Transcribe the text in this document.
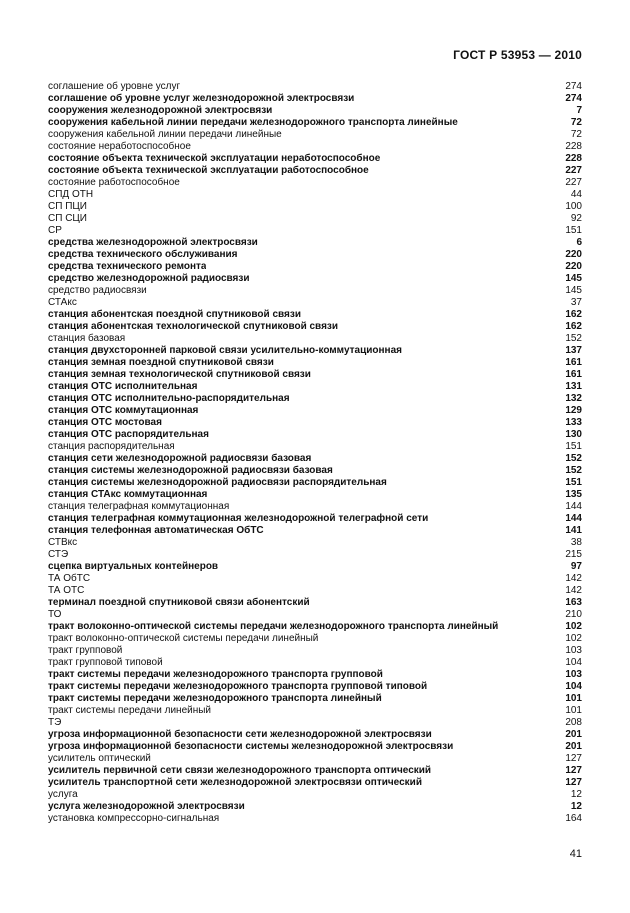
ГОСТ Р 53953 — 2010
соглашение об уровне услуг	274
соглашение об уровне услуг железнодорожной электросвязи	274
сооружения железнодорожной электросвязи	7
сооружения кабельной линии передачи железнодорожного транспорта линейные	72
сооружения кабельной линии передачи линейные	72
состояние неработоспособное	228
состояние объекта технической эксплуатации неработоспособное	228
состояние объекта технической эксплуатации работоспособное	227
состояние работоспособное	227
СПД ОТН	44
СП ПЦИ	100
СП СЦИ	92
СР	151
средства железнодорожной электросвязи	6
средства технического обслуживания	220
средства технического ремонта	220
средство железнодорожной радиосвязи	145
средство радиосвязи	145
СТАкс	37
станция абонентская поездной спутниковой связи	162
станция абонентская технологической спутниковой связи	162
станция базовая	152
станция двухсторонней парковой связи усилительно-коммутационная	137
станция земная поездной спутниковой связи	161
станция земная технологической спутниковой связи	161
станция ОТС исполнительная	131
станция ОТС исполнительно-распорядительная	132
станция ОТС коммутационная	129
станция ОТС мостовая	133
станция ОТС распорядительная	130
станция распорядительная	151
станция сети железнодорожной радиосвязи базовая	152
станция системы железнодорожной радиосвязи базовая	152
станция системы железнодорожной радиосвязи распорядительная	151
станция СТАкс коммутационная	135
станция телеграфная коммутационная	144
станция телеграфная коммутационная железнодорожной телеграфной сети	144
станция телефонная автоматическая ОбТС	141
СТВкс	38
СТЭ	215
сцепка виртуальных контейнеров	97
ТА ОбТС	142
ТА ОТС	142
терминал поездной спутниковой связи абонентский	163
ТО	210
тракт волоконно-оптической системы передачи железнодорожного транспорта линейный	102
тракт волоконно-оптической системы передачи линейный	102
тракт групповой	103
тракт групповой типовой	104
тракт системы передачи железнодорожного транспорта групповой	103
тракт системы передачи железнодорожного транспорта групповой типовой	104
тракт системы передачи железнодорожного транспорта линейный	101
тракт системы передачи линейный	101
ТЭ	208
угроза информационной безопасности сети железнодорожной электросвязи	201
угроза информационной безопасности системы железнодорожной электросвязи	201
усилитель оптический	127
усилитель первичной сети связи железнодорожного транспорта оптический	127
усилитель транспортной сети железнодорожной электросвязи оптический	127
услуга	12
услуга железнодорожной электросвязи	12
установка компрессорно-сигнальная	164
41
